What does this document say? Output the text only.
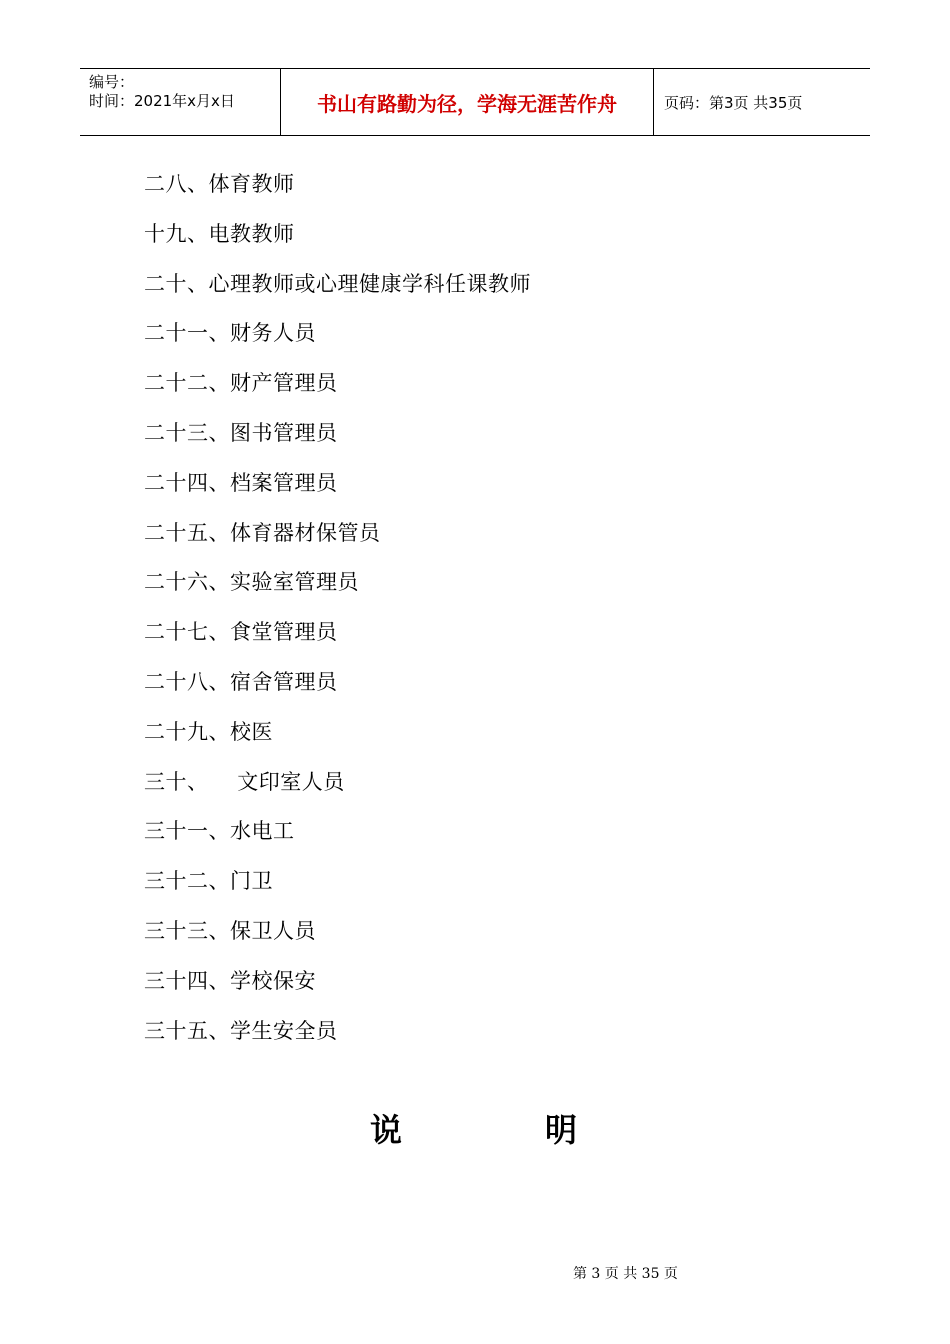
编号：
时间：2021年x月x日	书山有路勤为径，学海无涯苦作舟	页码：第3页 共35页
二八、体育教师
十九、电教教师
二十、心理教师或心理健康学科任课教师
二十一、财务人员
二十二、财产管理员
二十三、图书管理员
二十四、档案管理员
二十五、体育器材保管员
二十六、实验室管理员
二十七、食堂管理员
二十八、宿舍管理员
二十九、校医
三十、    文印室人员
三十一、水电工
三十二、门卫
三十三、保卫人员
三十四、学校保安
三十五、学生安全员
说	明

第 3 页 共 35 页
